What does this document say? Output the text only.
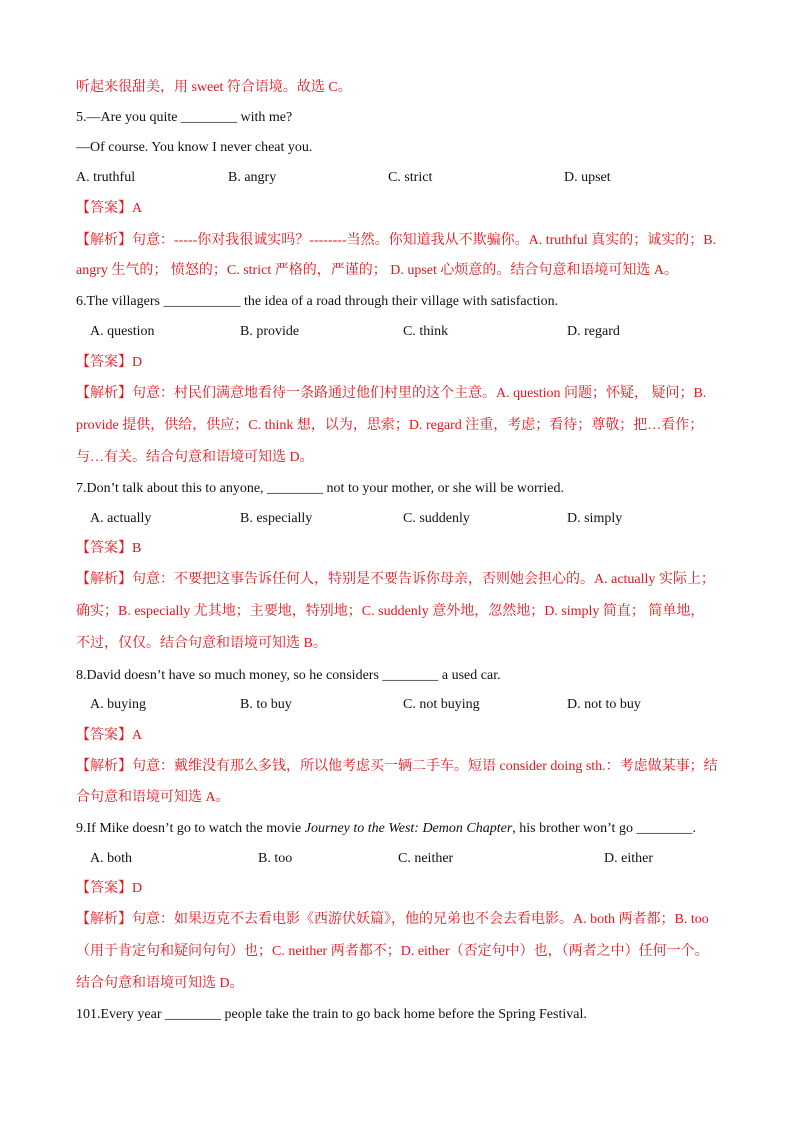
听起来很甜美，用 sweet 符合语境。故选 C。
5.—Are you quite ________ with me?
—Of course. You know I never cheat you.
A. truthful	B. angry	C. strict	D. upset
【答案】A
【解析】句意：-----你对我很诚实吗？--------当然。你知道我从不欺骗你。A. truthful 真实的；诚实的；B.
angry 生气的； 愤怒的；C. strict 严格的，严谨的； D. upset 心烦意的。结合句意和语境可知选 A。
6.The villagers ___________ the idea of a road through their village with satisfaction.
A. question	B. provide	C. think	D. regard
【答案】D
【解析】句意：村民们满意地看待一条路通过他们村里的这个主意。A. question 问题；怀疑， 疑问；B.
provide 提供，供给，供应；C. think 想，以为，思索；D. regard 注重，考虑；看待；尊敬；把…看作；
与…有关。结合句意和语境可知选 D。
7.Don’t talk about this to anyone, ________ not to your mother, or she will be worried.
A. actually	B. especially	C. suddenly	D. simply
【答案】B
【解析】句意：不要把这事告诉任何人，特别是不要告诉你母亲，否则她会担心的。A. actually 实际上；
确实；B. especially 尤其地；主要地，特别地；C. suddenly 意外地，忽然地；D. simply 简直； 简单地，
不过，仅仅。结合句意和语境可知选 B。
8.David doesn’t have so much money, so he considers ________ a used car.
A. buying	B. to buy	C. not buying	D. not to buy
【答案】A
【解析】句意：戴维没有那么多钱，所以他考虑买一辆二手车。短语 consider doing sth.：考虑做某事；结
合句意和语境可知选 A。
9.If Mike doesn’t go to watch the movie Journey to the West: Demon Chapter, his brother won’t go ________.
A. both	B. too	C. neither	D. either
【答案】D
【解析】句意：如果迈克不去看电影《西游伏妖篇》，他的兄弟也不会去看电影。A. both 两者都；B. too
（用于肯定句和疑问句句）也；C. neither 两者都不；D. either（否定句中）也，（两者之中）任何一个。
结合句意和语境可知选 D。
101.Every year ________ people take the train to go back home before the Spring Festival.
